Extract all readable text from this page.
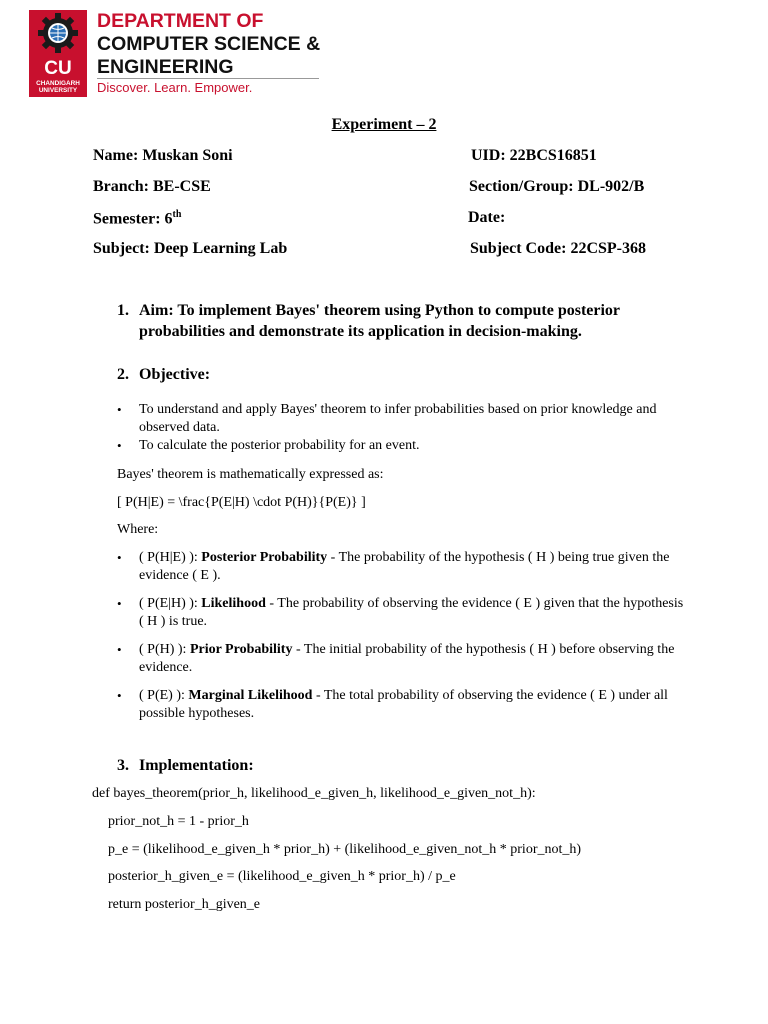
CU
CHANDIGARH UNIVERSITY
DEPARTMENT OF
COMPUTER SCIENCE &
ENGINEERING
Discover. Learn. Empower.
Experiment – 2
Name: Muskan Soni	UID: 22BCS16851
Branch: BE-CSE	Section/Group: DL-902/B
Semester: 6th	Date:
Subject: Deep Learning Lab	Subject Code: 22CSP-368
1. Aim: To implement Bayes' theorem using Python to compute posterior
probabilities and demonstrate its application in decision-making.
2. Objective:
• To understand and apply Bayes' theorem to infer probabilities based on prior knowledge and observed data.
• To calculate the posterior probability for an event.
Bayes' theorem is mathematically expressed as:
[ P(H|E) = \frac{P(E|H) \cdot P(H)}{P(E)} ]
Where:
• ( P(H|E) ): Posterior Probability - The probability of the hypothesis ( H ) being true given the evidence ( E ).
• ( P(E|H) ): Likelihood - The probability of observing the evidence ( E ) given that the hypothesis ( H ) is true.
• ( P(H) ): Prior Probability - The initial probability of the hypothesis ( H ) before observing the evidence.
• ( P(E) ): Marginal Likelihood - The total probability of observing the evidence ( E ) under all possible hypotheses.
3. Implementation:
def bayes_theorem(prior_h, likelihood_e_given_h, likelihood_e_given_not_h):
prior_not_h = 1 - prior_h
p_e = (likelihood_e_given_h * prior_h) + (likelihood_e_given_not_h * prior_not_h)
posterior_h_given_e = (likelihood_e_given_h * prior_h) / p_e
return posterior_h_given_e
